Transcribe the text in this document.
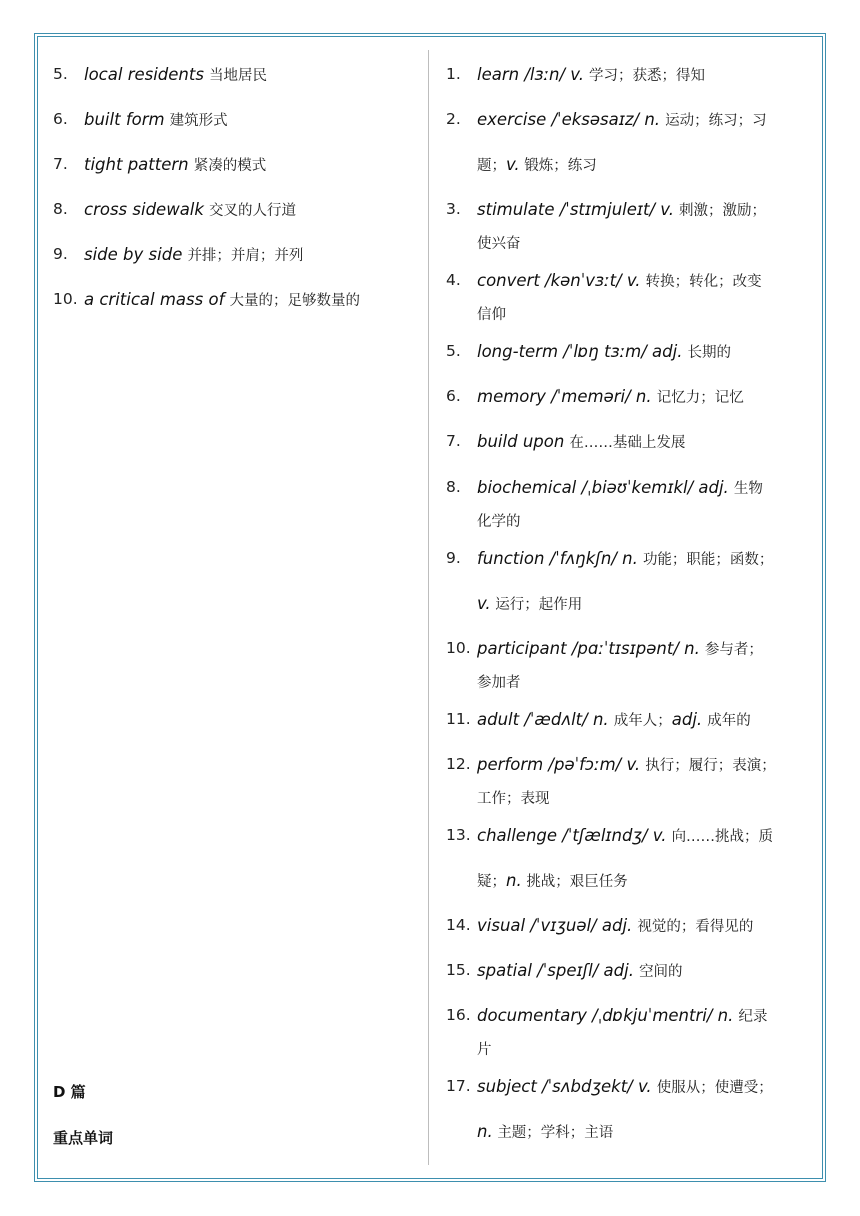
5. local residents 当地居民
6. built form 建筑形式
7. tight pattern 紧凑的模式
8. cross sidewalk 交叉的人行道
9. side by side 并排；并肩；并列
10. a critical mass of 大量的；足够数量的
D 篇
重点单词
1. learn /lɜːn/ v. 学习；获悉；得知
2. exercise /ˈeksəsaɪz/ n. 运动；练习；习
题；v. 锻炼；练习
3. stimulate /ˈstɪmjuleɪt/ v. 刺激；激励；
使兴奋
4. convert /kənˈvɜːt/ v. 转换；转化；改变
信仰
5. long-term /ˈlɒŋ tɜːm/ adj. 长期的
6. memory /ˈmeməri/ n. 记忆力；记忆
7. build upon 在……基础上发展
8. biochemical /ˌbiəʊˈkemɪkl/ adj. 生物
化学的
9. function /ˈfʌŋkʃn/ n. 功能；职能；函数；
v. 运行；起作用
10. participant /pɑːˈtɪsɪpənt/ n. 参与者；
参加者
11. adult /ˈædʌlt/ n. 成年人；adj. 成年的
12. perform /pəˈfɔːm/ v. 执行；履行；表演；
工作；表现
13. challenge /ˈtʃælɪndʒ/ v. 向……挑战；质
疑；n. 挑战；艰巨任务
14. visual /ˈvɪʒuəl/ adj. 视觉的；看得见的
15. spatial /ˈspeɪʃl/ adj. 空间的
16. documentary /ˌdɒkjuˈmentri/ n. 纪录
片
17. subject /ˈsʌbdʒekt/ v. 使服从；使遭受；
n. 主题；学科；主语
